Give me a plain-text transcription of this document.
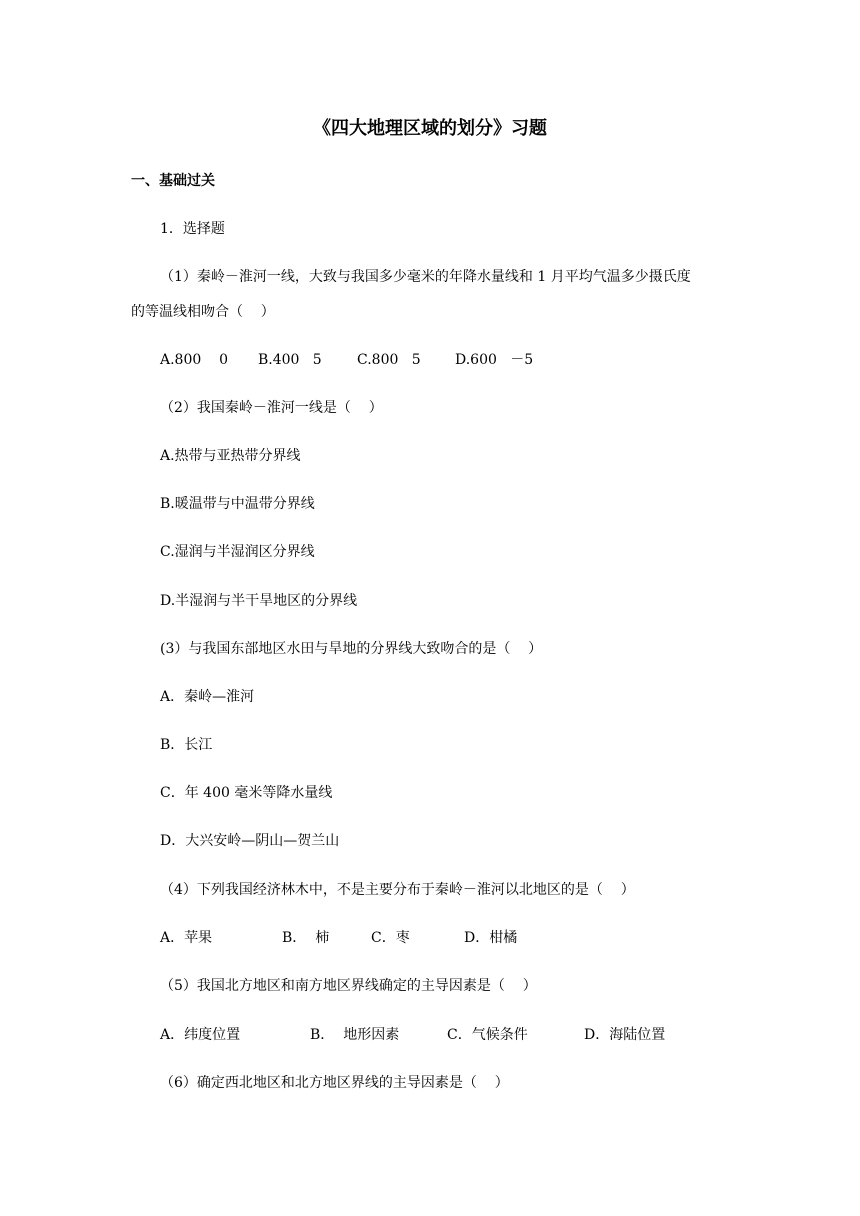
《四大地理区域的划分》习题

一、基础过关

1．选择题

（1）秦岭－淮河一线，大致与我国多少毫米的年降水量线和 1 月平均气温多少摄氏度

的等温线相吻合（    ）

A.800    0 B.400   5	C.800   5 D.600   －5

（2）我国秦岭－淮河一线是（    ）

A.热带与亚热带分界线

B.暖温带与中温带分界线

C.湿润与半湿润区分界线

D.半湿润与半干旱地区的分界线

(3）与我国东部地区水田与旱地的分界线大致吻合的是（    ）

A．秦岭—淮河

B．长江

C．年 400 毫米等降水量线

D．大兴安岭—阴山—贺兰山

（4）下列我国经济林木中，不是主要分布于秦岭－淮河以北地区的是（    ）

A．苹果	B．  柿	C．枣	D．柑橘

（5）我国北方地区和南方地区界线确定的主导因素是（    ）

A．纬度位置	B．  地形因素	C．气候条件	D．海陆位置

（6）确定西北地区和北方地区界线的主导因素是（    ）
